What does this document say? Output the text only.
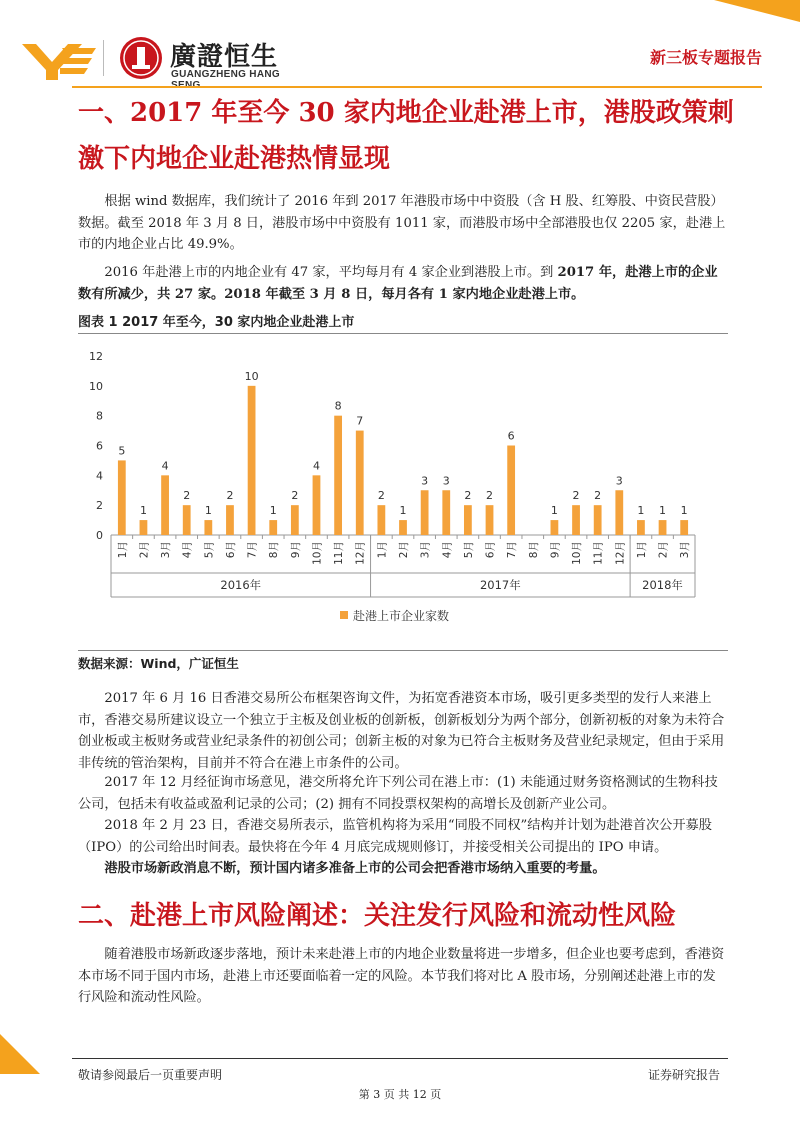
廣證恒生
GUANGZHENG HANG
新三板专题报告
一、2017 年至今 30 家内地企业赴港上市，港股政策刺
激下内地企业赴港热情显现
根据 wind 数据库，我们统计了 2016 年到 2017 年港股市场中中资股（含 H 股、红筹股、中资民营股）数据。截至 2018 年 3 月 8 日，港股市场中中资股有 1011 家，而港股市场中全部港股也仅 2205 家，赴港上市的内地企业占比 49.9%。
2016 年赴港上市的内地企业有 47 家，平均每月有 4 家企业到港股上市。到 2017 年，赴港上市的企业数有所减少，共 27 家。2018 年截至 3 月 8 日，每月各有 1 家内地企业赴港上市。
图表 1 2017 年至今，30 家内地企业赴港上市
0
2
4
6
8
10
12
5
1月
1
2月
4
3月
2
4月
1
5月
2
6月
10
7月
1
8月
2
9月
4
10月
8
11月
7
12月
2
1月
1
2月
3
3月
3
4月
2
5月
2
6月
6
7月 8月
1
9月
2
10月
2
11月
3
12月
1
1月
1
2月
1
3月
2016年	2017年	2018年
赴港上市企业家数
数据来源：Wind，广证恒生
2017 年 6 月 16 日香港交易所公布框架咨询文件，为拓宽香港资本市场，吸引更多类型的发行人来港上市，香港交易所建议设立一个独立于主板及创业板的创新板，创新板划分为两个部分，创新初板的对象为未符合创业板或主板财务或营业纪录条件的初创公司；创新主板的对象为已符合主板财务及营业纪录规定，但由于采用非传统的管治架构，目前并不符合在港上市条件的公司。
2017 年 12 月经征询市场意见，港交所将允许下列公司在港上市：(1) 未能通过财务资格测试的生物科技公司，包括未有收益或盈利记录的公司；(2) 拥有不同投票权架构的高增长及创新产业公司。
2018 年 2 月 23 日，香港交易所表示，监管机构将为采用“同股不同权”结构并计划为赴港首次公开募股（IPO）的公司给出时间表。最快将在今年 4 月底完成规则修订，并接受相关公司提出的 IPO 申请。
港股市场新政消息不断，预计国内诸多准备上市的公司会把香港市场纳入重要的考量。
二、赴港上市风险阐述：关注发行风险和流动性风险
随着港股市场新政逐步落地，预计未来赴港上市的内地企业数量将进一步增多，但企业也要考虑到，香港资本市场不同于国内市场，赴港上市还要面临着一定的风险。本节我们将对比 A 股市场，分别阐述赴港上市的发行风险和流动性风险。
敬请参阅最后一页重要声明	证券研究报告
第 3 页 共 12 页
